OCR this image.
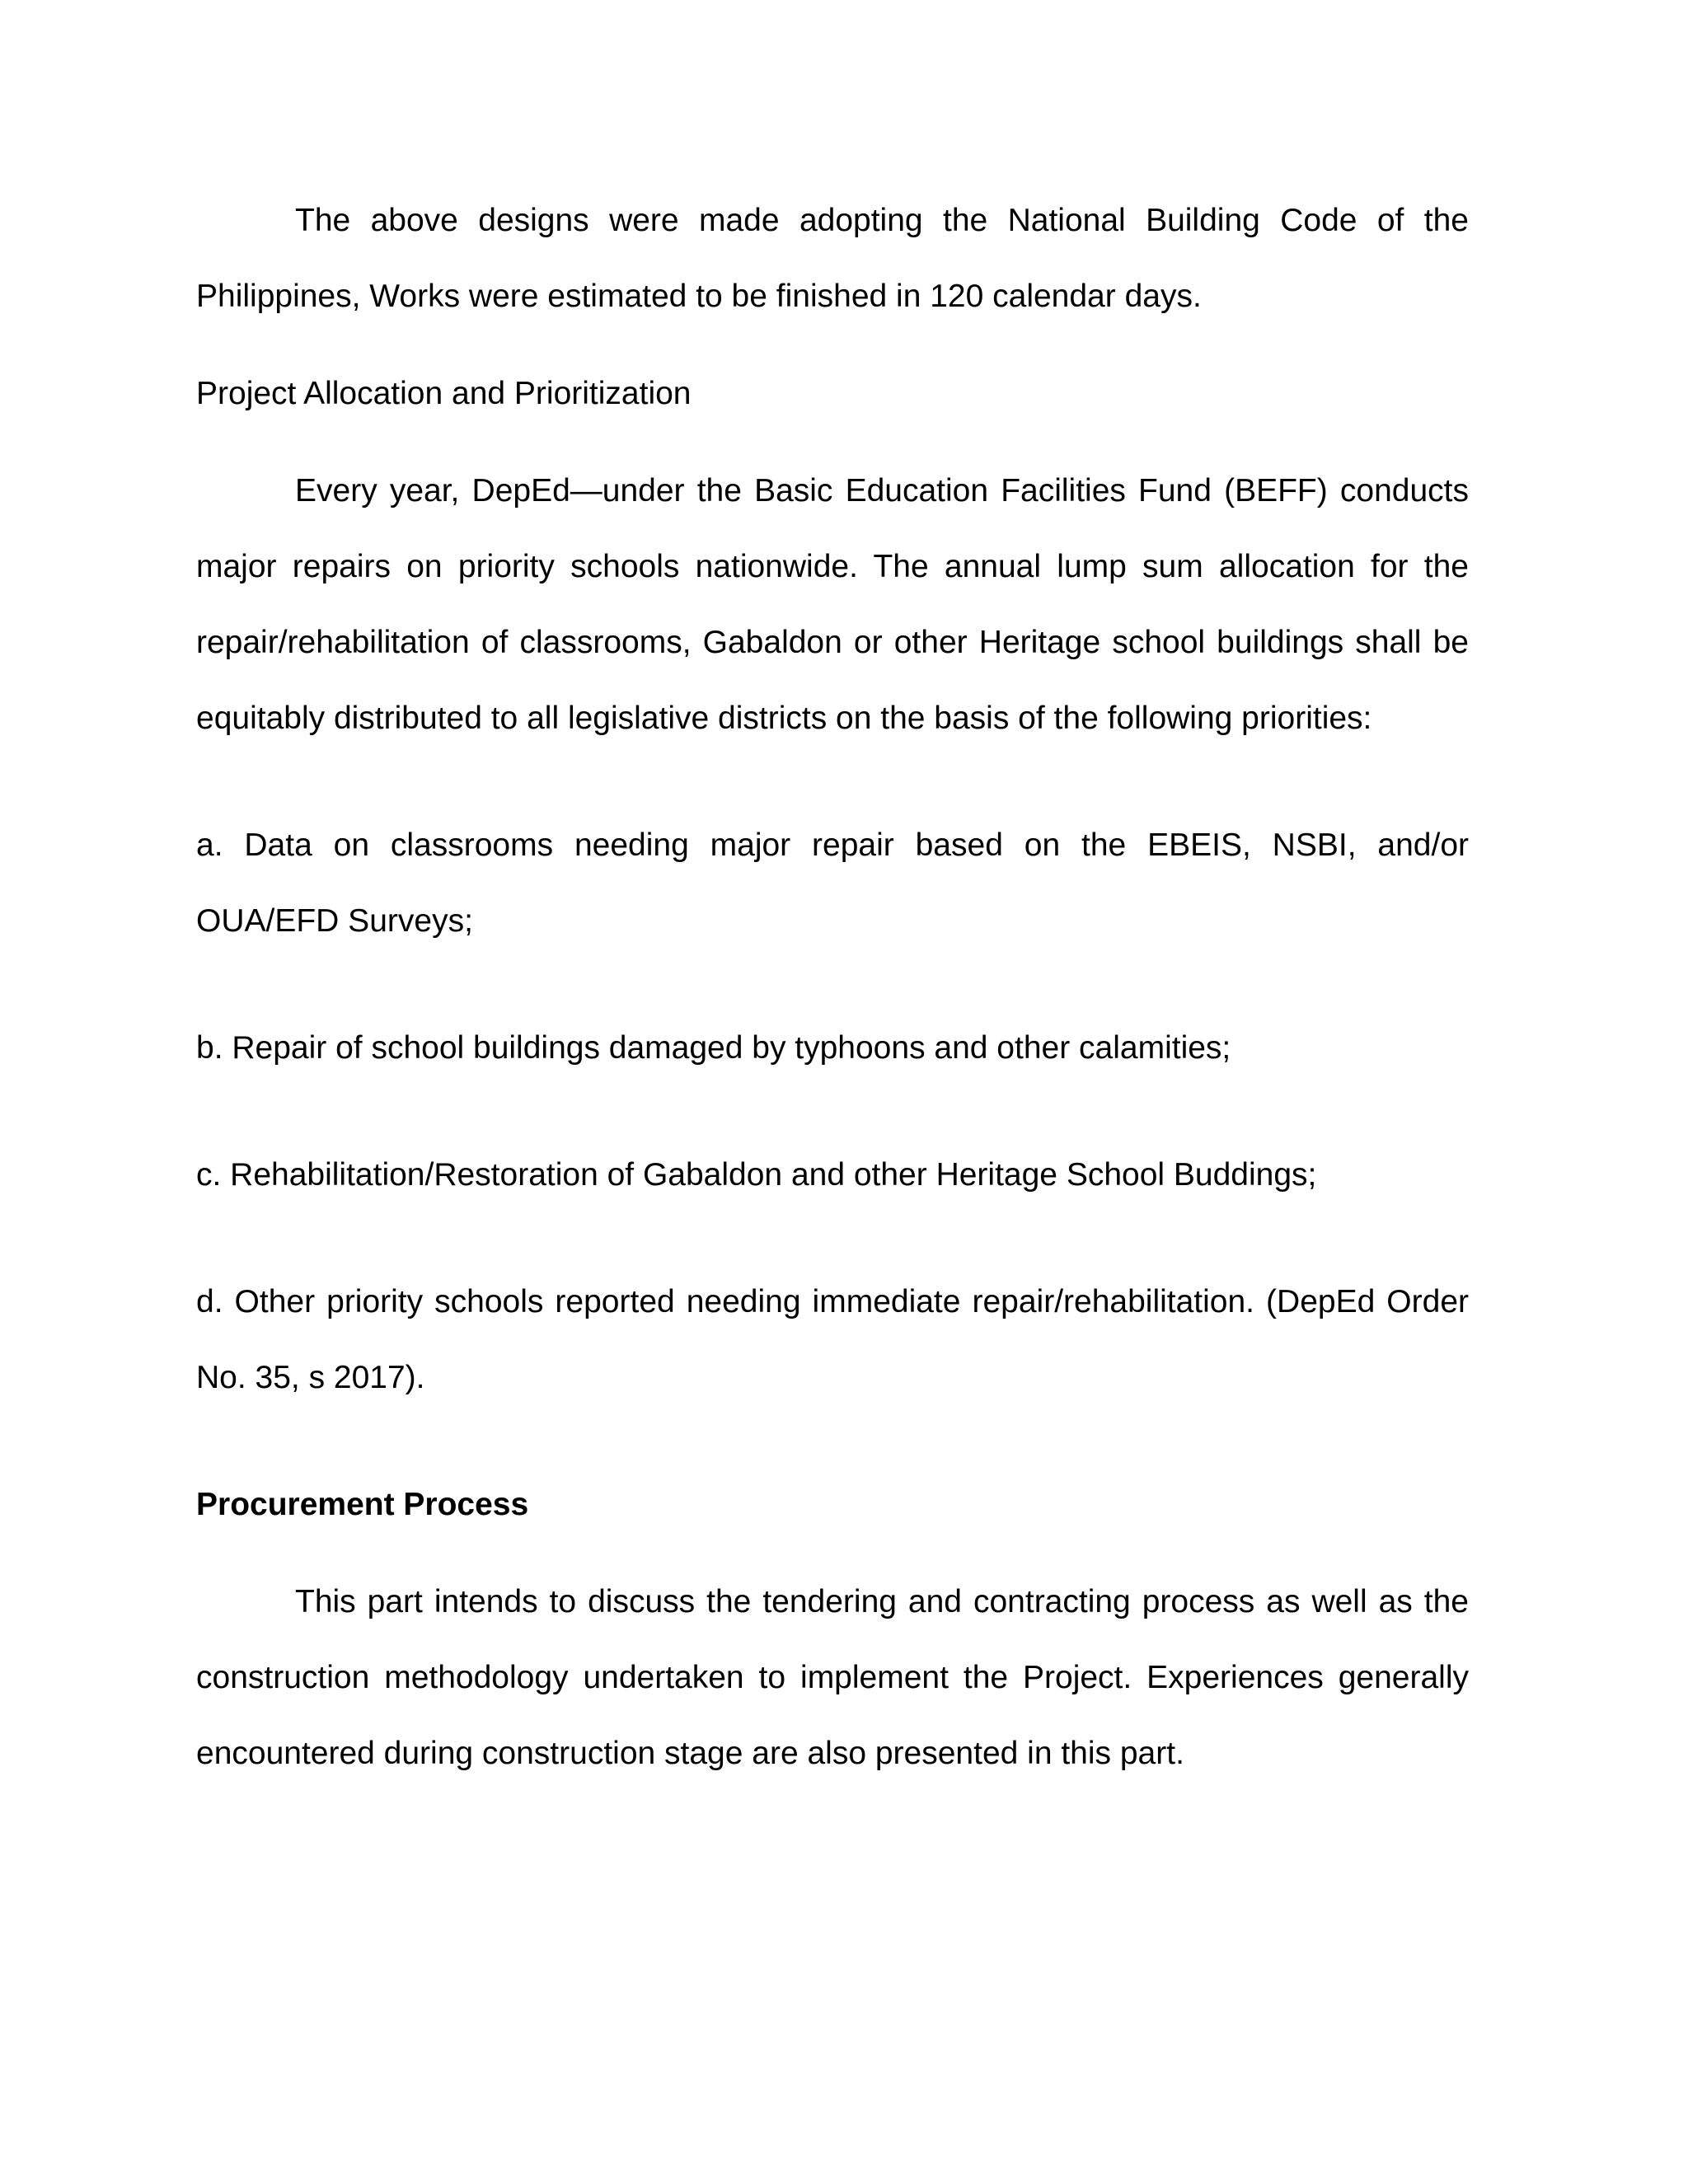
The above designs were made adopting the National Building Code of the Philippines, Works were estimated to be finished in 120 calendar days.

Project Allocation and Prioritization

Every year, DepEd—under the Basic Education Facilities Fund (BEFF) conducts major repairs on priority schools nationwide. The annual lump sum allocation for the repair/rehabilitation of classrooms, Gabaldon or other Heritage school buildings shall be equitably distributed to all legislative districts on the basis of the following priorities:

a. Data on classrooms needing major repair based on the EBEIS, NSBI, and/or OUA/EFD Surveys;

b. Repair of school buildings damaged by typhoons and other calamities;

c. Rehabilitation/Restoration of Gabaldon and other Heritage School Buddings;

d. Other priority schools reported needing immediate repair/rehabilitation. (DepEd Order No. 35, s 2017).

Procurement Process

This part intends to discuss the tendering and contracting process as well as the construction methodology undertaken to implement the Project. Experiences generally encountered during construction stage are also presented in this part.
